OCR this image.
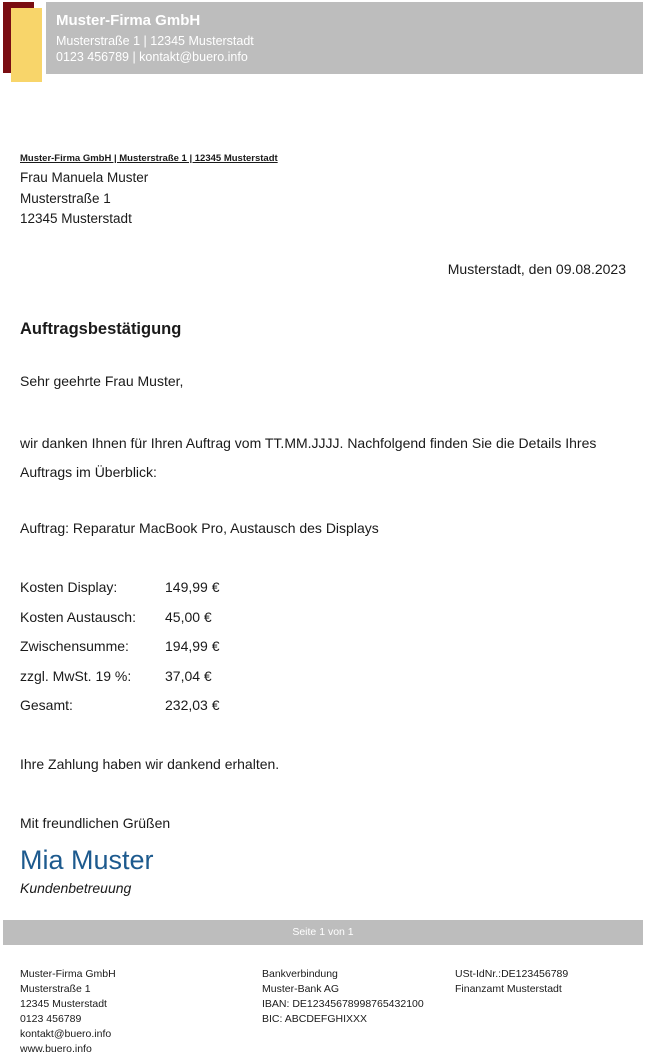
Muster-Firma GmbH
Musterstraße 1 | 12345 Musterstadt
0123 456789 | kontakt@buero.info
Muster-Firma GmbH | Musterstraße 1 | 12345 Musterstadt
Frau Manuela Muster
Musterstraße 1
12345 Musterstadt
Musterstadt, den 09.08.2023
Auftragsbestätigung
Sehr geehrte Frau Muster,
wir danken Ihnen für Ihren Auftrag vom TT.MM.JJJJ. Nachfolgend finden Sie die Details Ihres Auftrags im Überblick:
Auftrag: Reparatur MacBook Pro, Austausch des Displays
Kosten Display:	149,99 €
Kosten Austausch: 45,00 €
Zwischensumme:	194,99 €
zzgl. MwSt. 19 %: 37,04 €
Gesamt:	232,03 €
Ihre Zahlung haben wir dankend erhalten.
Mit freundlichen Grüßen
Mia Muster
Kundenbetreuung
Seite 1 von 1
Muster-Firma GmbH
Musterstraße 1
12345 Musterstadt
0123 456789
kontakt@buero.info
www.buero.info
Bankverbindung
Muster-Bank AG
IBAN: DE12345678998765432100
BIC: ABCDEFGHIXXX
USt-IdNr.:DE123456789
Finanzamt Musterstadt
